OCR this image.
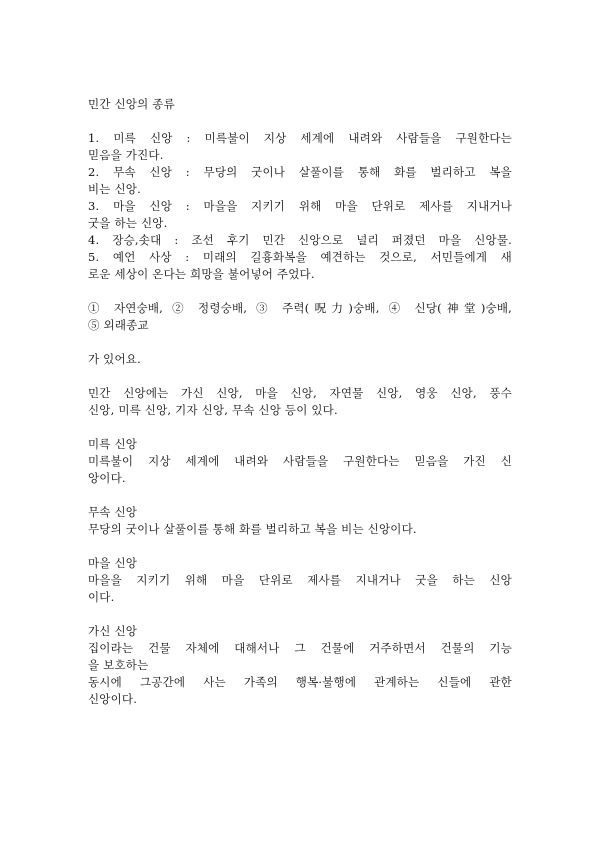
민간 신앙의 종류
1. 미륵 신앙 : 미륵불이 지상 세계에 내려와 사람들을 구원한다는
믿음을 가진다.
2. 무속 신앙 : 무당의 굿이나 살풀이를 통해 화를 벌리하고 복을
비는 신앙.
3. 마을 신앙 : 마을을 지키기 위해 마을 단위로 제사를 지내거나
굿을 하는 신앙.
4. 장승,솟대 : 조선 후기 민간 신앙으로 널리 퍼졌던 마을 신앙물.
5. 예언 사상 : 미래의 길흉화복을 예견하는 것으로, 서민들에게 새
로운 세상이 온다는 희망을 불어넣어 주었다.
① 자연숭배, ② 정령숭배, ③ 주력(呪力)숭배, ④ 신당(神堂)숭배,
⑤ 외래종교
가 있어요.
민간 신앙에는 가신 신앙, 마을 신앙, 자연물 신앙, 영웅 신앙, 풍수
신앙, 미륵 신앙, 기자 신앙, 무속 신앙 등이 있다.
미륵 신앙
미륵불이 지상 세계에 내려와 사람들을 구원한다는 믿음을 가진 신
앙이다.
무속 신앙
무당의 굿이나 살풀이를 통해 화를 벌리하고 복을 비는 신앙이다.
마을 신앙
마을을 지키기 위해 마을 단위로 제사를 지내거나 굿을 하는 신앙
이다.
가신 신앙
집이라는 건물 자체에 대해서나 그 건물에 거주하면서 건물의 기능
을 보호하는
동시에 그공간에 사는 가족의 행복·불행에 관계하는 신들에 관한
신앙이다.
